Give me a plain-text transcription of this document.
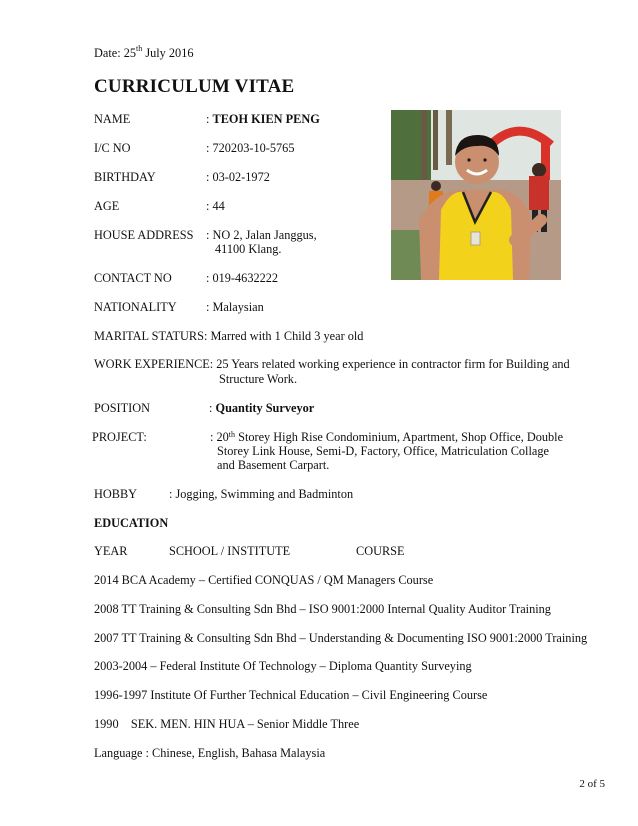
Date: 25th July 2016
CURRICULUM VITAE
NAME	: TEOH KIEN PENG
I/C NO	: 720203-10-5765
BIRTHDAY	: 03-02-1972
AGE	: 44
HOUSE ADDRESS : NO 2, Jalan Janggus,
41100 Klang.
CONTACT NO	: 019-4632222
NATIONALITY : Malaysian
MARITAL STATURS: Marred with 1 Child 3 year old
WORK EXPERIENCE: 25 Years related working experience in contractor firm for Building and
Structure Work.
POSITION	: Quantity Surveyor
PROJECT:	: 20th Storey High Rise Condominium, Apartment, Shop Office, Double
Storey Link House, Semi-D, Factory, Office, Matriculation Collage
and Basement Carpart.
HOBBY	: Jogging, Swimming and Badminton
EDUCATION
YEAR	SCHOOL / INSTITUTE	COURSE
2014 BCA Academy – Certified CONQUAS / QM Managers Course
2008 TT Training & Consulting Sdn Bhd – ISO 9001:2000 Internal Quality Auditor Training
2007 TT Training & Consulting Sdn Bhd – Understanding & Documenting ISO 9001:2000 Training
2003-2004 – Federal Institute Of Technology – Diploma Quantity Surveying
1996-1997 Institute Of Further Technical Education – Civil Engineering Course
1990    SEK. MEN. HIN HUA – Senior Middle Three
Language : Chinese, English, Bahasa Malaysia
2 of 5
